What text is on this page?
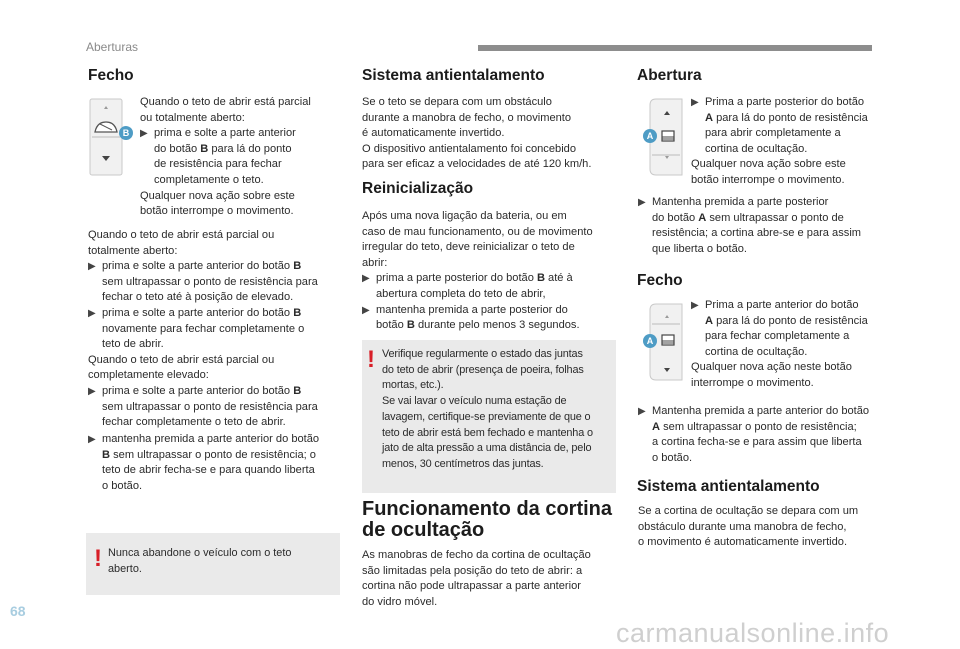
Aberturas
68
carmanualsonline.info
Fecho
B

Quando o teto de abrir está parcial

ou totalmente aberto:

▶ prima e solte a parte anterior
do botão B para lá do ponto
de resistência para fechar
completamente o teto.

Qualquer nova ação sobre este

botão interrompe o movimento.

Quando o teto de abrir está parcial ou

totalmente aberto:

▶ prima e solte a parte anterior do botão B
sem ultrapassar o ponto de resistência para
fechar o teto até à posição de elevado.
▶ prima e solte a parte anterior do botão B
novamente para fechar completamente o
teto de abrir.

Quando o teto de abrir está parcial ou

completamente elevado:

▶ prima e solte a parte anterior do botão B
sem ultrapassar o ponto de resistência para
fechar completamente o teto de abrir.
▶ mantenha premida a parte anterior do botão
B sem ultrapassar o ponto de resistência; o
teto de abrir fecha-se e para quando liberta
o botão.
! Nunca abandone o veículo com o teto

aberto.

Sistema antientalamento

Se o teto se depara com um obstáculo

durante a manobra de fecho, o movimento

é automaticamente invertido.

O dispositivo antientalamento foi concebido

para ser eficaz a velocidades de até 120 km/h.

Reinicialização

Após uma nova ligação da bateria, ou em

caso de mau funcionamento, ou de movimento

irregular do teto, deve reinicializar o teto de

abrir:

▶ prima a parte posterior do botão B até à
abertura completa do teto de abrir,
▶ mantenha premida a parte posterior do
botão B durante pelo menos 3 segundos.
! Verifique regularmente o estado das juntas

do teto de abrir (presença de poeira, folhas

mortas, etc.).

Se vai lavar o veículo numa estação de

lavagem, certifique-se previamente de que o

teto de abrir está bem fechado e mantenha o

jato de alta pressão a uma distância de, pelo

menos, 30 centímetros das juntas.

Funcionamento da cortina
de ocultação

As manobras de fecho da cortina de ocultação

são limitadas pela posição do teto de abrir: a

cortina não pode ultrapassar a parte anterior

do vidro móvel.

Abertura
A
▶ Prima a parte posterior do botão
A para lá do ponto de resistência
para abrir completamente a
cortina de ocultação.

Qualquer nova ação sobre este

botão interrompe o movimento.

▶ Mantenha premida a parte posterior
do botão A sem ultrapassar o ponto de
resistência; a cortina abre-se e para assim
que liberta o botão.
Fecho
A
▶ Prima a parte anterior do botão
A para lá do ponto de resistência
para fechar completamente a
cortina de ocultação.

Qualquer nova ação neste botão

interrompe o movimento.

▶ Mantenha premida a parte anterior do botão
A sem ultrapassar o ponto de resistência;
a cortina fecha-se e para assim que liberta
o botão.
Sistema antientalamento

Se a cortina de ocultação se depara com um

obstáculo durante uma manobra de fecho,

o movimento é automaticamente invertido.
